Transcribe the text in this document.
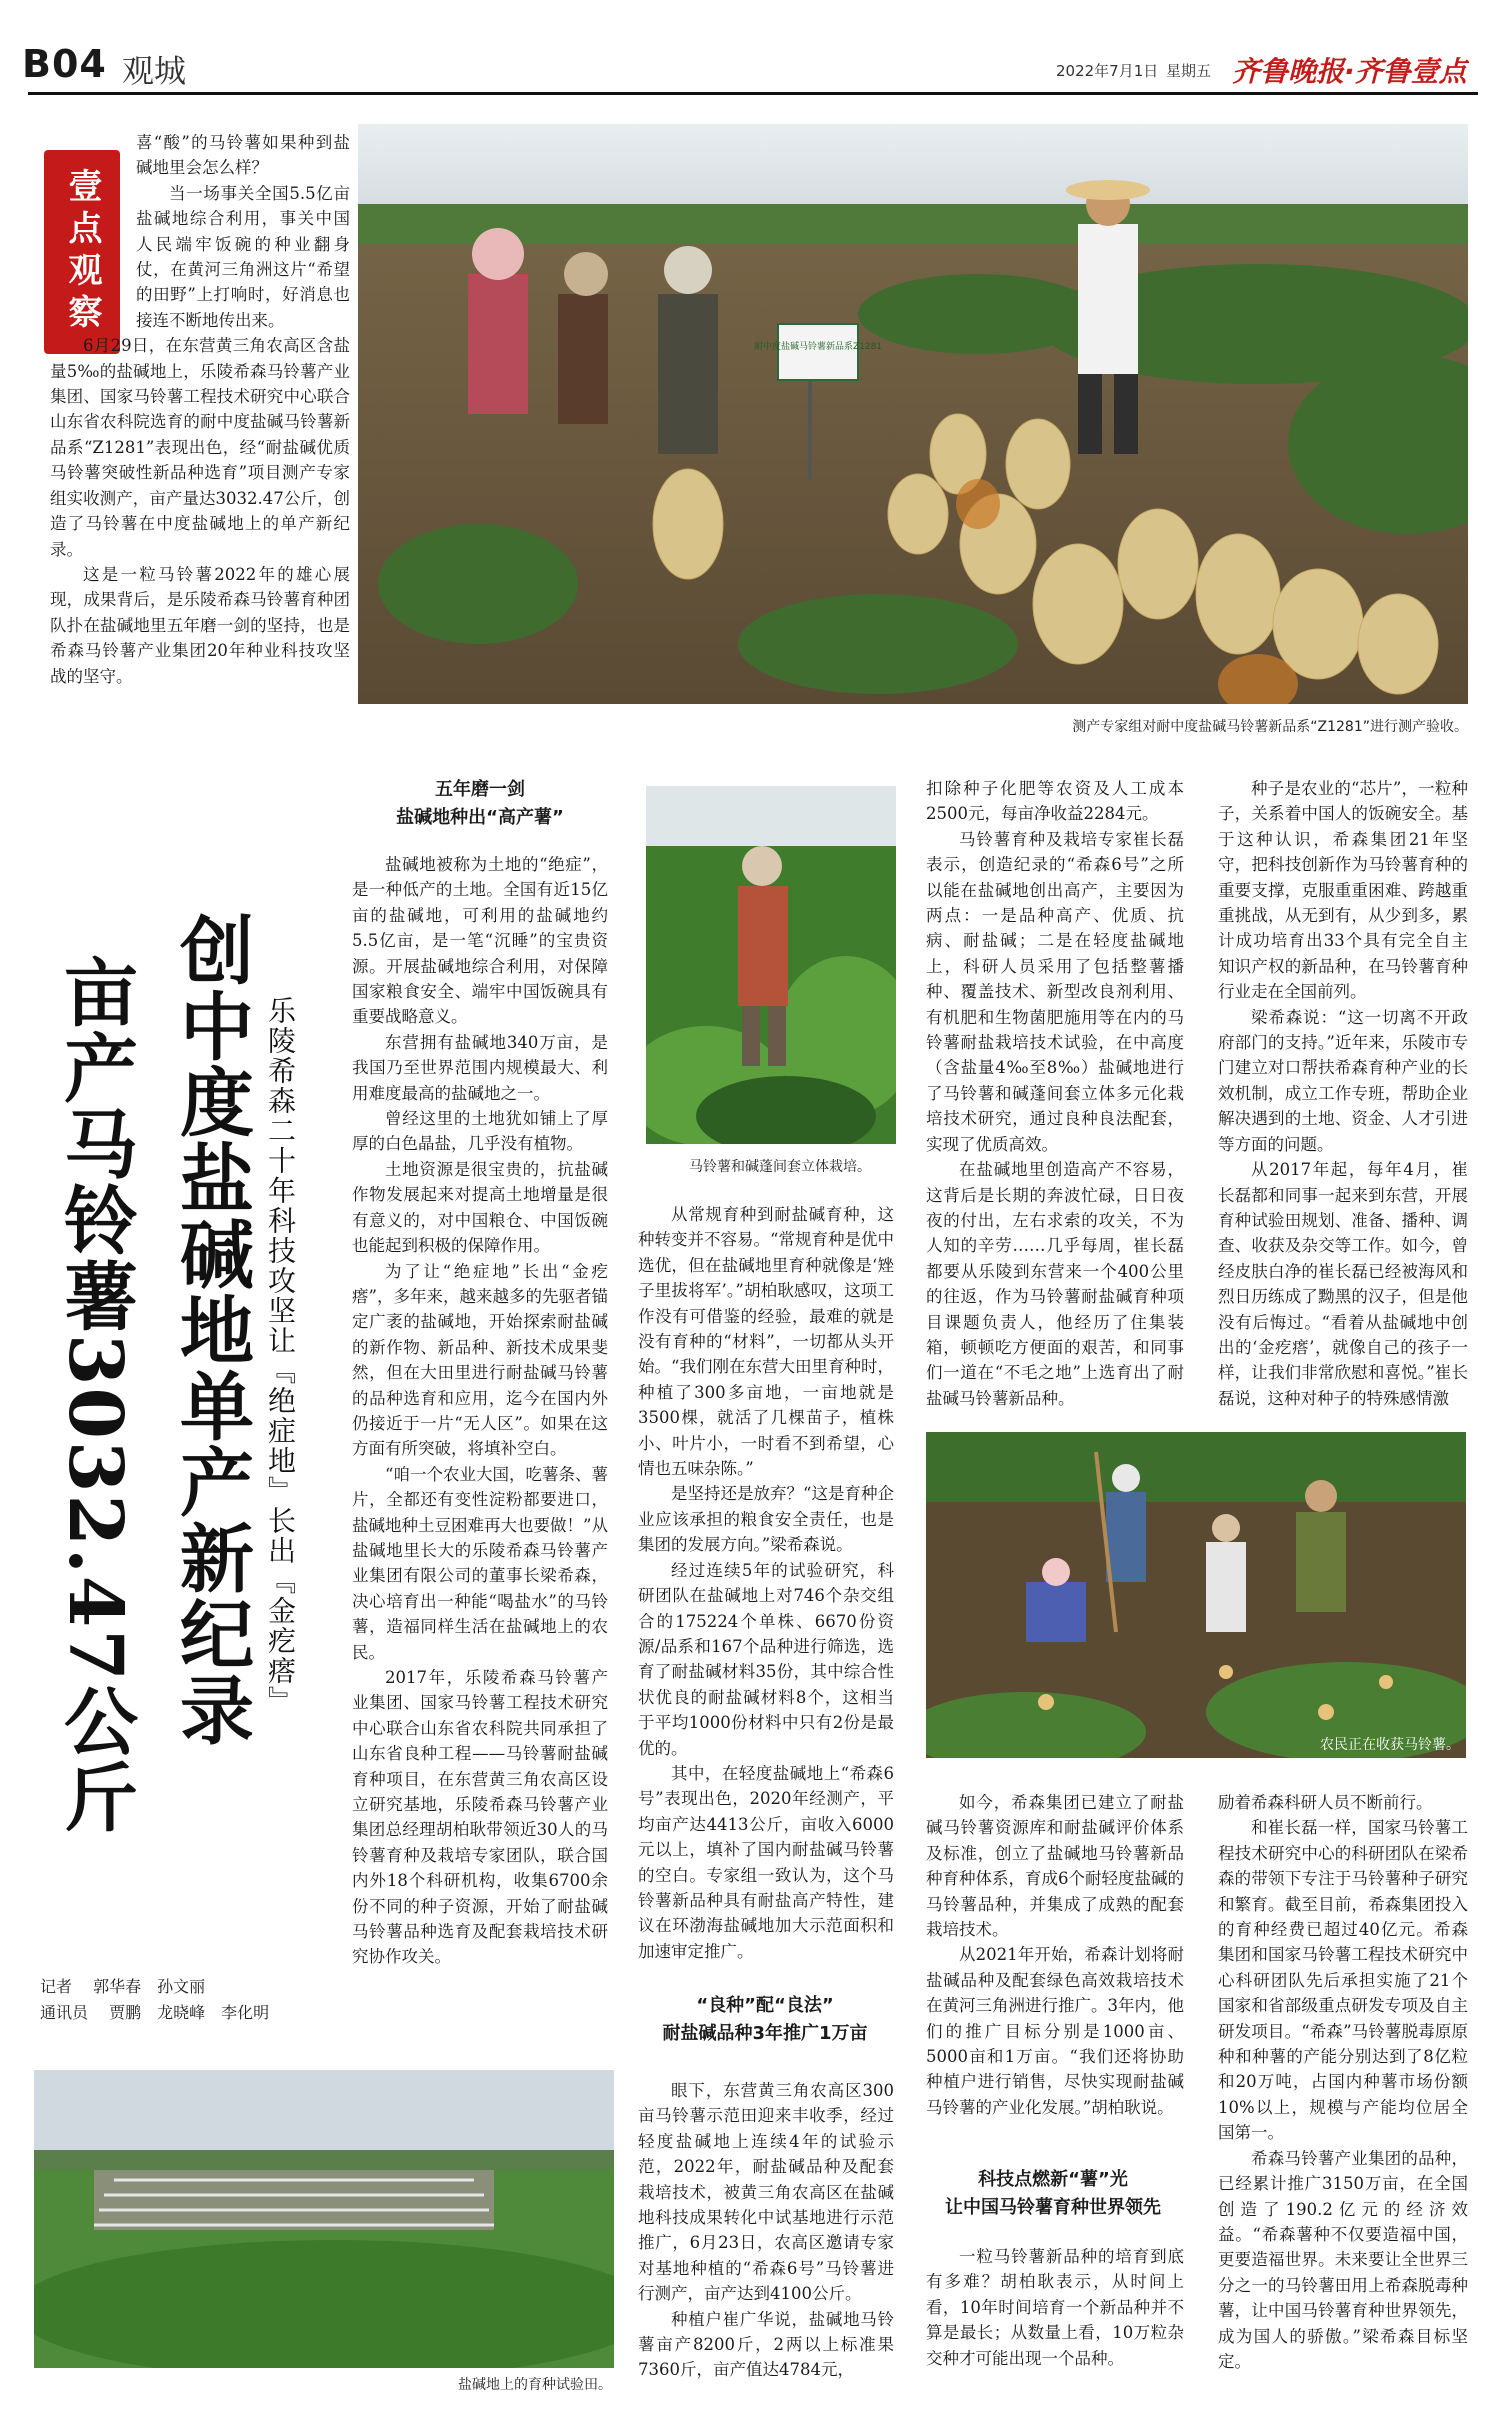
B04 观城	2022年7月1日 星期五 齐鲁晚报·齐鲁壹点
壹点观察

喜“酸”的马铃薯如果种到盐碱地里会怎么样？

当一场事关全国5.5亿亩盐碱地综合利用，事关中国人民端牢饭碗的种业翻身仗，在黄河三角洲这片“希望的田野”上打响时，好消息也接连不断地传出来。

6月29日，在东营黄三角农高区含盐量5‰的盐碱地上，乐陵希森马铃薯产业集团、国家马铃薯工程技术研究中心联合山东省农科院选育的耐中度盐碱马铃薯新品系“Z1281”表现出色，经“耐盐碱优质马铃薯突破性新品种选育”项目测产专家组实收测产，亩产量达3032.47公斤，创造了马铃薯在中度盐碱地上的单产新纪录。

这是一粒马铃薯2022年的雄心展现，成果背后，是乐陵希森马铃薯育种团队扑在盐碱地里五年磨一剑的坚持，也是希森马铃薯产业集团20年种业科技攻坚战的坚守。

耐中度盐碱马铃薯新品系Z1281
测产专家组对耐中度盐碱马铃薯新品系“Z1281”进行测产验收。
创中度盐碱地单产新纪录
亩产马铃薯3032.47公斤	乐陵希森二十年科技攻坚让『绝症地』长出『金疙瘩』
记者　 郭华春　孙文丽
通讯员　 贾鹏　龙晓峰　李化明
盐碱地上的育种试验田。
五年磨一剑
盐碱地种出“高产薯”

盐碱地被称为土地的“绝症”，是一种低产的土地。全国有近15亿亩的盐碱地，可利用的盐碱地约5.5亿亩，是一笔“沉睡”的宝贵资源。开展盐碱地综合利用，对保障国家粮食安全、端牢中国饭碗具有重要战略意义。

东营拥有盐碱地340万亩，是我国乃至世界范围内规模最大、利用难度最高的盐碱地之一。

曾经这里的土地犹如铺上了厚厚的白色晶盐，几乎没有植物。

土地资源是很宝贵的，抗盐碱作物发展起来对提高土地增量是很有意义的，对中国粮仓、中国饭碗也能起到积极的保障作用。

为了让“绝症地”长出“金疙瘩”，多年来，越来越多的先驱者锚定广袤的盐碱地，开始探索耐盐碱的新作物、新品种、新技术成果斐然，但在大田里进行耐盐碱马铃薯的品种选育和应用，迄今在国内外仍接近于一片“无人区”。如果在这方面有所突破，将填补空白。

“咱一个农业大国，吃薯条、薯片，全都还有变性淀粉都要进口，盐碱地种土豆困难再大也要做！”从盐碱地里长大的乐陵希森马铃薯产业集团有限公司的董事长梁希森，决心培育出一种能“喝盐水”的马铃薯，造福同样生活在盐碱地上的农民。

2017年，乐陵希森马铃薯产业集团、国家马铃薯工程技术研究中心联合山东省农科院共同承担了山东省良种工程——马铃薯耐盐碱育种项目，在东营黄三角农高区设立研究基地，乐陵希森马铃薯产业集团总经理胡柏耿带领近30人的马铃薯育种及栽培专家团队，联合国内外18个科研机构，收集6700余份不同的种子资源，开始了耐盐碱马铃薯品种选育及配套栽培技术研究协作攻关。

马铃薯和碱蓬间套立体栽培。

从常规育种到耐盐碱育种，这种转变并不容易。“常规育种是优中选优，但在盐碱地里育种就像是‘矬子里拔将军’。”胡柏耿感叹，这项工作没有可借鉴的经验，最难的就是没有育种的“材料”，一切都从头开始。“我们刚在东营大田里育种时，种植了300多亩地，一亩地就是3500棵，就活了几棵苗子，植株小、叶片小，一时看不到希望，心情也五味杂陈。”

是坚持还是放弃？“这是育种企业应该承担的粮食安全责任，也是集团的发展方向。”梁希森说。

经过连续5年的试验研究，科研团队在盐碱地上对746个杂交组合的175224个单株、6670份资源/品系和167个品种进行筛选，选育了耐盐碱材料35份，其中综合性状优良的耐盐碱材料8个，这相当于平均1000份材料中只有2份是最优的。

其中，在轻度盐碱地上“希森6号”表现出色，2020年经测产，平均亩产达4413公斤，亩收入6000元以上，填补了国内耐盐碱马铃薯的空白。专家组一致认为，这个马铃薯新品种具有耐盐高产特性，建议在环渤海盐碱地加大示范面积和加速审定推广。

“良种”配“良法”
耐盐碱品种3年推广1万亩

眼下，东营黄三角农高区300亩马铃薯示范田迎来丰收季，经过轻度盐碱地上连续4年的试验示范，2022年，耐盐碱品种及配套栽培技术，被黄三角农高区在盐碱地科技成果转化中试基地进行示范推广，6月23日，农高区邀请专家对基地种植的“希森6号”马铃薯进行测产，亩产达到4100公斤。

种植户崔广华说，盐碱地马铃薯亩产8200斤，2两以上标准果7360斤，亩产值达4784元，

扣除种子化肥等农资及人工成本2500元，每亩净收益2284元。

马铃薯育种及栽培专家崔长磊表示，创造纪录的“希森6号”之所以能在盐碱地创出高产，主要因为两点：一是品种高产、优质、抗病、耐盐碱；二是在轻度盐碱地上，科研人员采用了包括整薯播种、覆盖技术、新型改良剂利用、有机肥和生物菌肥施用等在内的马铃薯耐盐栽培技术试验，在中高度（含盐量4‰至8‰）盐碱地进行了马铃薯和碱蓬间套立体多元化栽培技术研究，通过良种良法配套，实现了优质高效。

在盐碱地里创造高产不容易，这背后是长期的奔波忙碌，日日夜夜的付出，左右求索的攻关，不为人知的辛劳……几乎每周，崔长磊都要从乐陵到东营来一个400公里的往返，作为马铃薯耐盐碱育种项目课题负责人，他经历了住集装箱，顿顿吃方便面的艰苦，和同事们一道在“不毛之地”上选育出了耐盐碱马铃薯新品种。

种子是农业的“芯片”，一粒种子，关系着中国人的饭碗安全。基于这种认识，希森集团21年坚守，把科技创新作为马铃薯育种的重要支撑，克服重重困难、跨越重重挑战，从无到有，从少到多，累计成功培育出33个具有完全自主知识产权的新品种，在马铃薯育种行业走在全国前列。

梁希森说：“这一切离不开政府部门的支持。”近年来，乐陵市专门建立对口帮扶希森育种产业的长效机制，成立工作专班，帮助企业解决遇到的土地、资金、人才引进等方面的问题。

从2017年起，每年4月，崔长磊都和同事一起来到东营，开展育种试验田规划、准备、播种、调查、收获及杂交等工作。如今，曾经皮肤白净的崔长磊已经被海风和烈日历练成了黝黑的汉子，但是他没有后悔过。“看着从盐碱地中创出的‘金疙瘩’，就像自己的孩子一样，让我们非常欣慰和喜悦。”崔长磊说，这种对种子的特殊感情激

农民正在收获马铃薯。

如今，希森集团已建立了耐盐碱马铃薯资源库和耐盐碱评价体系及标准，创立了盐碱地马铃薯新品种育种体系，育成6个耐轻度盐碱的马铃薯品种，并集成了成熟的配套栽培技术。

从2021年开始，希森计划将耐盐碱品种及配套绿色高效栽培技术在黄河三角洲进行推广。3年内，他们的推广目标分别是1000亩、5000亩和1万亩。“我们还将协助种植户进行销售，尽快实现耐盐碱马铃薯的产业化发展。”胡柏耿说。

科技点燃新“薯”光
让中国马铃薯育种世界领先

一粒马铃薯新品种的培育到底有多难？胡柏耿表示，从时间上看，10年时间培育一个新品种并不算是最长；从数量上看，10万粒杂交种才可能出现一个品种。

励着希森科研人员不断前行。

和崔长磊一样，国家马铃薯工程技术研究中心的科研团队在梁希森的带领下专注于马铃薯种子研究和繁育。截至目前，希森集团投入的育种经费已超过40亿元。希森集团和国家马铃薯工程技术研究中心科研团队先后承担实施了21个国家和省部级重点研发专项及自主研发项目。“希森”马铃薯脱毒原原种和种薯的产能分别达到了8亿粒和20万吨，占国内种薯市场份额10%以上，规模与产能均位居全国第一。

希森马铃薯产业集团的品种，已经累计推广3150万亩，在全国创造了190.2亿元的经济效益。“希森薯种不仅要造福中国，更要造福世界。未来要让全世界三分之一的马铃薯田用上希森脱毒种薯，让中国马铃薯育种世界领先，成为国人的骄傲。”梁希森目标坚定。
